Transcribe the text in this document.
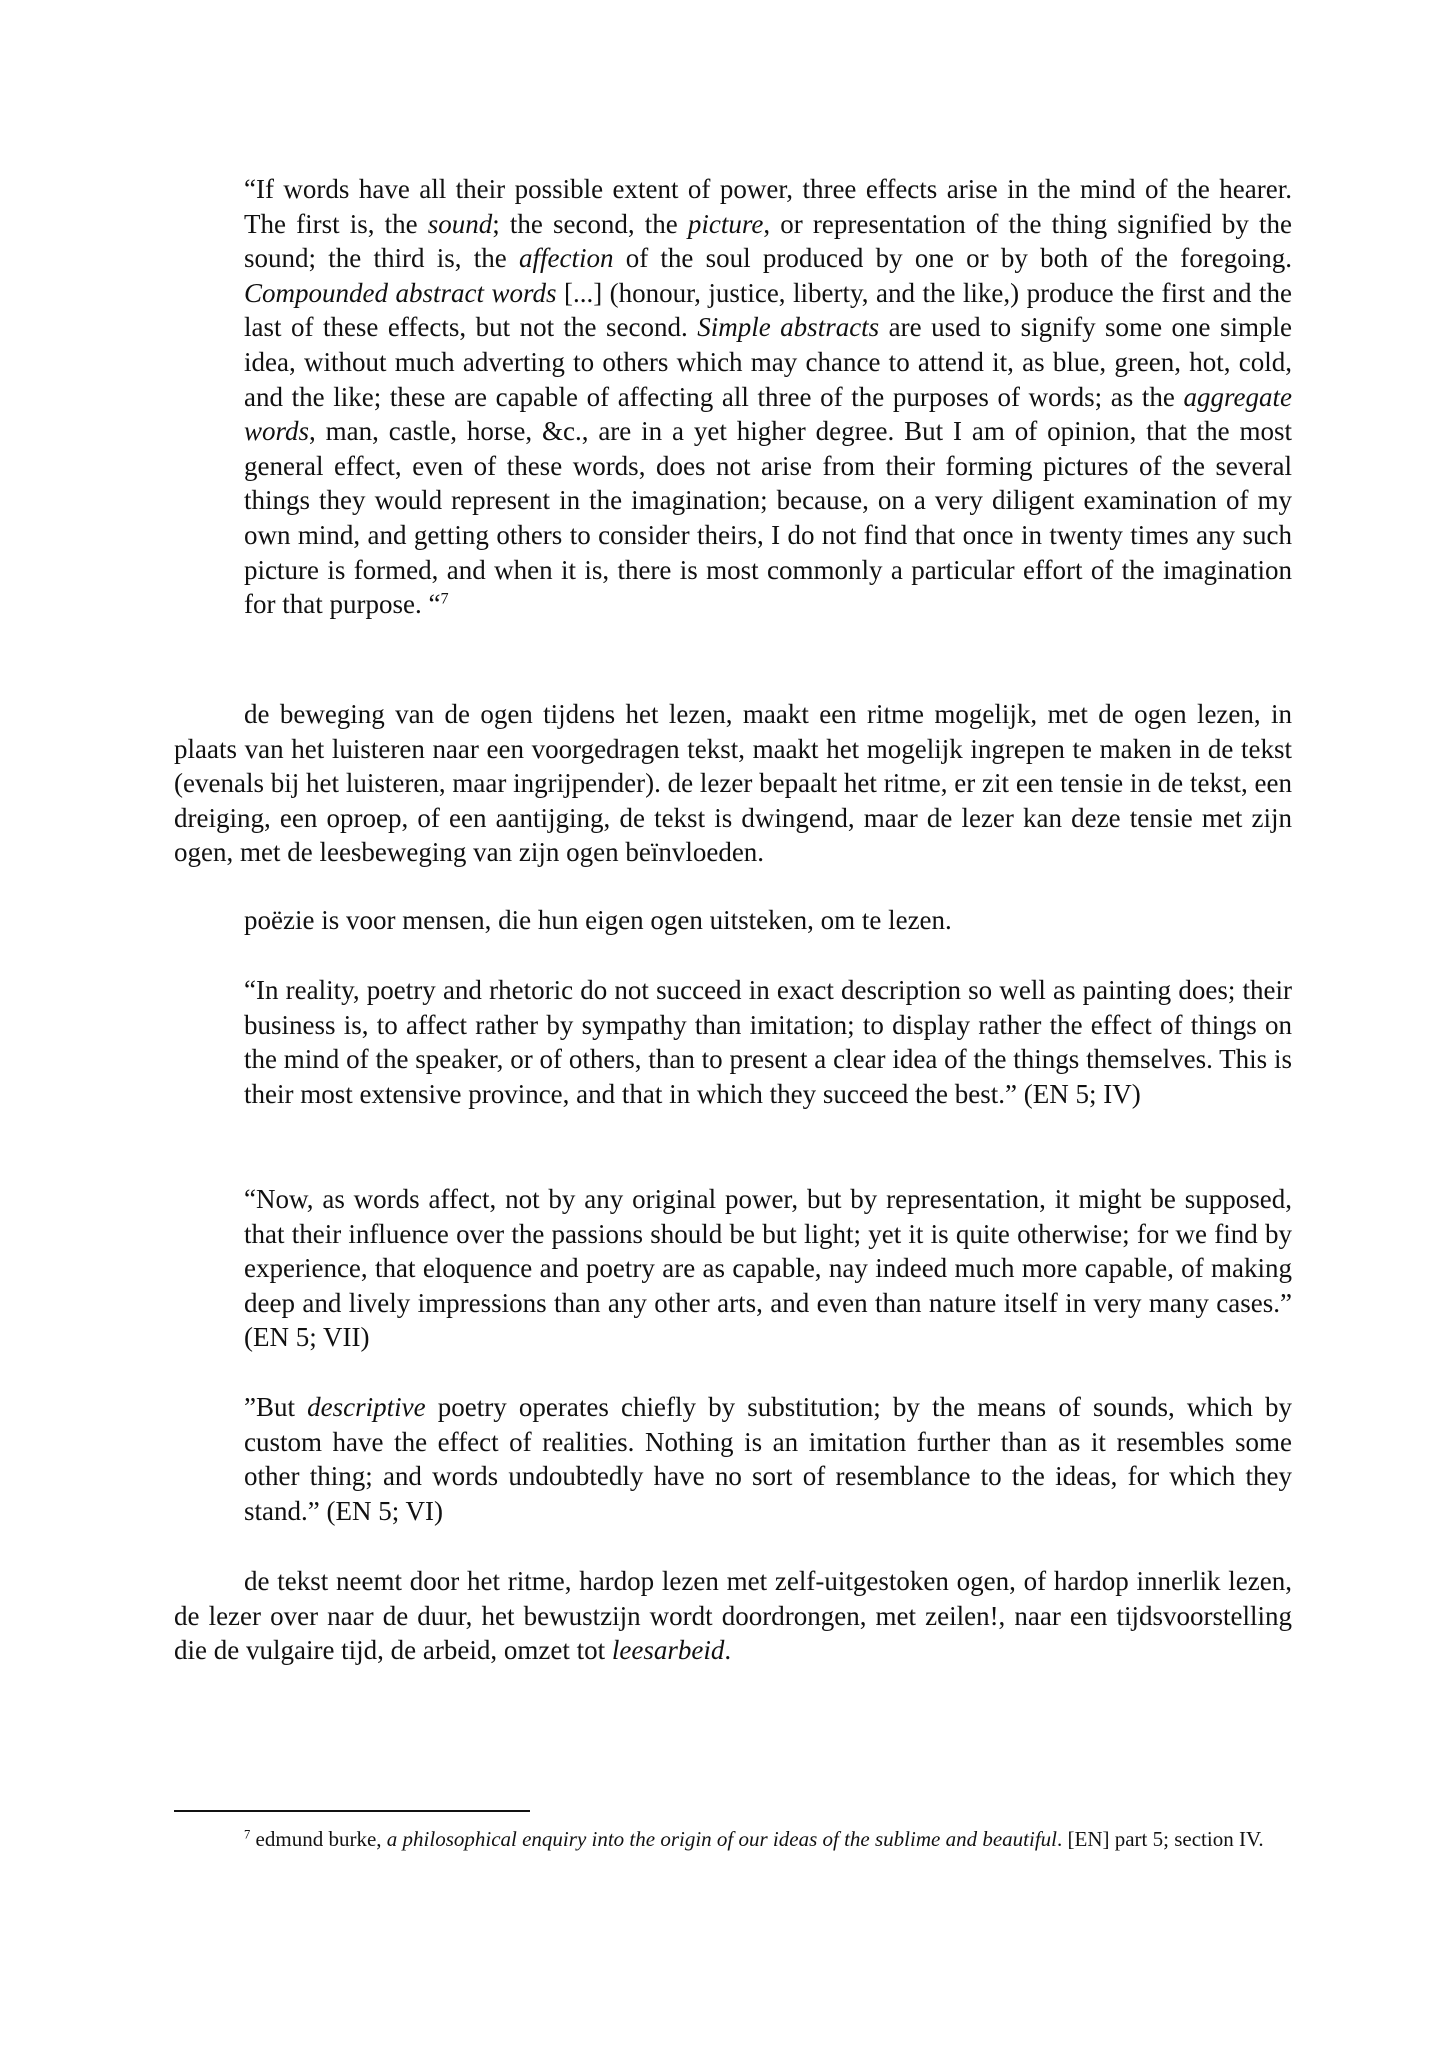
“If words have all their possible extent of power, three effects arise in the mind of the hearer. The first is, the sound; the second, the picture, or representation of the thing signified by the sound; the third is, the affection of the soul produced by one or by both of the foregoing. Compounded abstract words [...] (honour, justice, liberty, and the like,) produce the first and the last of these effects, but not the second. Simple abstracts are used to signify some one simple idea, without much adverting to others which may chance to attend it, as blue, green, hot, cold, and the like; these are capable of affecting all three of the purposes of words; as the aggregate words, man, castle, horse, &c., are in a yet higher degree. But I am of opinion, that the most general effect, even of these words, does not arise from their forming pictures of the several things they would represent in the imagination; because, on a very diligent examination of my own mind, and getting others to consider theirs, I do not find that once in twenty times any such picture is formed, and when it is, there is most commonly a particular effort of the imagination for that purpose. “$^7$

de beweging van de ogen tijdens het lezen, maakt een ritme mogelijk, met de ogen lezen, in plaats van het luisteren naar een voorgedragen tekst, maakt het mogelijk ingrepen te maken in de tekst (evenals bij het luisteren, maar ingrijpender). de lezer bepaalt het ritme, er zit een tensie in de tekst, een dreiging, een oproep, of een aantijging, de tekst is dwingend, maar de lezer kan deze tensie met zijn ogen, met de leesbeweging van zijn ogen beïnvloeden.

poëzie is voor mensen, die hun eigen ogen uitsteken, om te lezen.

“In reality, poetry and rhetoric do not succeed in exact description so well as painting does; their business is, to affect rather by sympathy than imitation; to display rather the effect of things on the mind of the speaker, or of others, than to present a clear idea of the things themselves. This is their most extensive province, and that in which they succeed the best.” (EN 5; IV)

“Now, as words affect, not by any original power, but by representation, it might be supposed, that their influence over the passions should be but light; yet it is quite otherwise; for we find by experience, that eloquence and poetry are as capable, nay indeed much more capable, of making deep and lively impressions than any other arts, and even than nature itself in very many cases.” (EN 5; VII)

”But descriptive poetry operates chiefly by substitution; by the means of sounds, which by custom have the effect of realities. Nothing is an imitation further than as it resembles some other thing; and words undoubtedly have no sort of resemblance to the ideas, for which they stand.” (EN 5; VI)

de tekst neemt door het ritme, hardop lezen met zelf-uitgestoken ogen, of hardop innerlik lezen, de lezer over naar de duur, het bewustzijn wordt doordrongen, met zeilen!, naar een tijdsvoorstelling die de vulgaire tijd, de arbeid, omzet tot leesarbeid.

$^7$ edmund burke, a philosophical enquiry into the origin of our ideas of the sublime and beautiful. [EN] part 5; section IV.
